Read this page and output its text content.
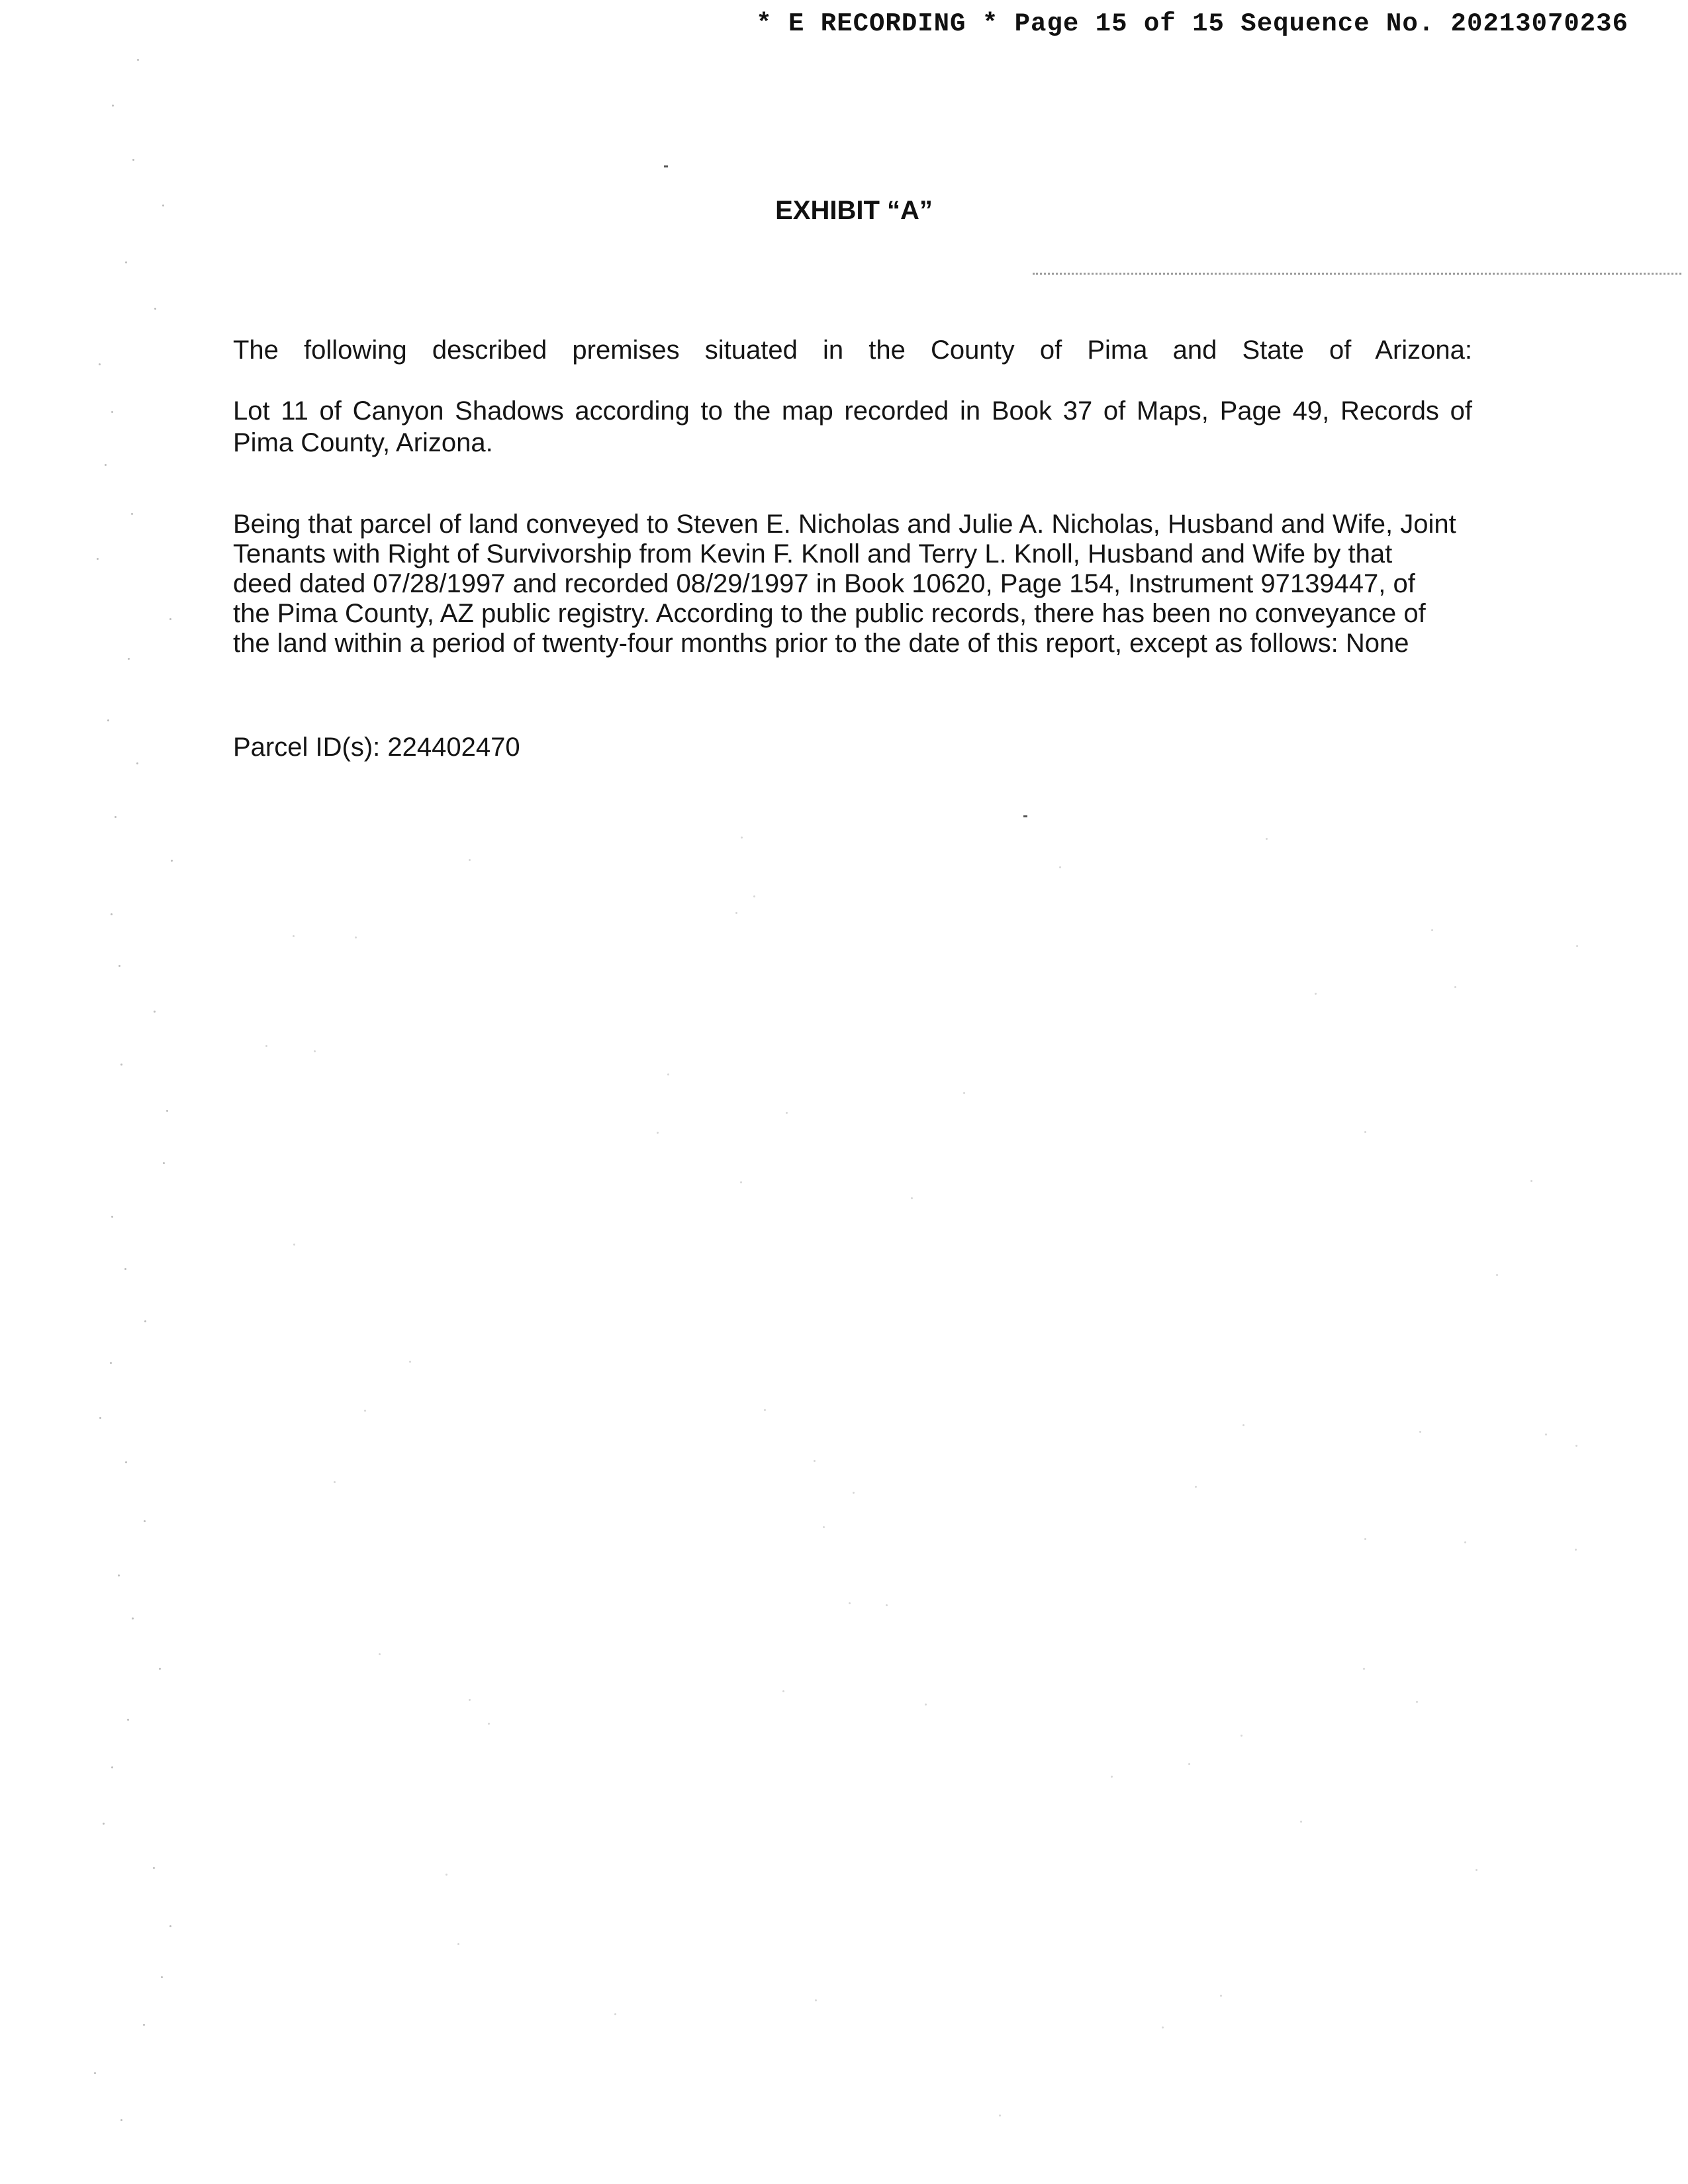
* E RECORDING * Page 15 of 15 Sequence No. 20213070236
EXHIBIT “A”

The following described premises situated in the County of Pima and State of Arizona:

Lot 11 of Canyon Shadows according to the map recorded in Book 37 of Maps, Page 49, Records of Pima County, Arizona.

Being that parcel of land conveyed to Steven E. Nicholas and Julie A. Nicholas, Husband and Wife, Joint Tenants with Right of Survivorship from Kevin F. Knoll and Terry L. Knoll, Husband and Wife by that deed dated 07/28/1997 and recorded 08/29/1997 in Book 10620, Page 154, Instrument 97139447, of the Pima County, AZ public registry. According to the public records, there has been no conveyance of the land within a period of twenty-four months prior to the date of this report, except as follows: None

Parcel ID(s): 224402470
